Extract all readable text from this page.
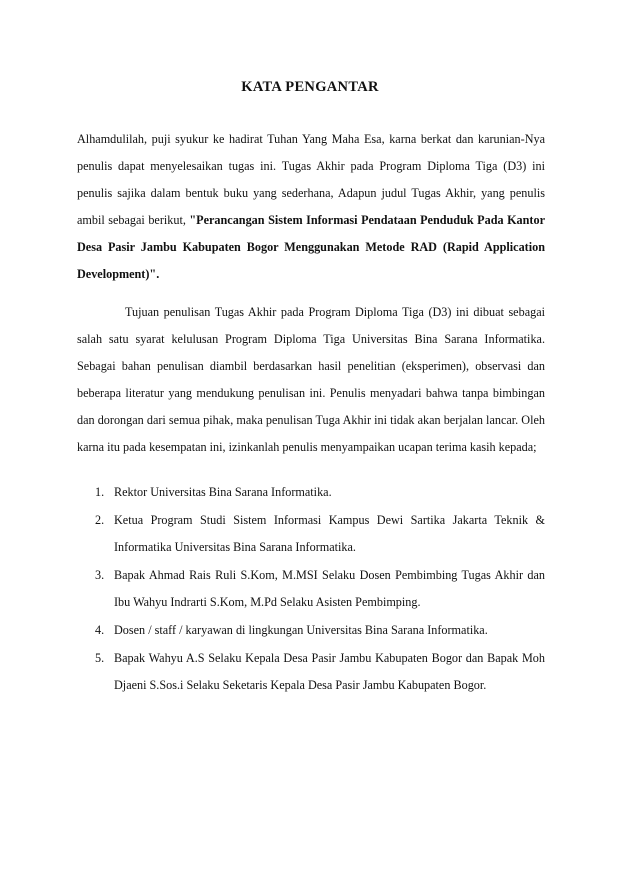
KATA PENGANTAR

Alhamdulilah, puji syukur ke hadirat Tuhan Yang Maha Esa, karna berkat dan karunian-Nya penulis dapat menyelesaikan tugas ini. Tugas Akhir pada Program Diploma Tiga (D3) ini penulis sajika dalam bentuk buku yang sederhana, Adapun judul Tugas Akhir, yang penulis ambil sebagai berikut, "Perancangan Sistem Informasi Pendataan Penduduk Pada Kantor Desa Pasir Jambu Kabupaten Bogor Menggunakan Metode RAD (Rapid Application Development)".

Tujuan penulisan Tugas Akhir pada Program Diploma Tiga (D3) ini dibuat sebagai salah satu syarat kelulusan Program Diploma Tiga Universitas Bina Sarana Informatika. Sebagai bahan penulisan diambil berdasarkan hasil penelitian (eksperimen), observasi dan beberapa literatur yang mendukung penulisan ini. Penulis menyadari bahwa tanpa bimbingan dan dorongan dari semua pihak, maka penulisan Tuga Akhir ini tidak akan berjalan lancar. Oleh karna itu pada kesempatan ini, izinkanlah penulis menyampaikan ucapan terima kasih kepada;

1. Rektor Universitas Bina Sarana Informatika.
2. Ketua Program Studi Sistem Informasi Kampus Dewi Sartika Jakarta Teknik & Informatika Universitas Bina Sarana Informatika.
3. Bapak Ahmad Rais Ruli S.Kom, M.MSI Selaku Dosen Pembimbing Tugas Akhir dan Ibu Wahyu Indrarti S.Kom, M.Pd Selaku Asisten Pembimping.
4. Dosen / staff / karyawan di lingkungan Universitas Bina Sarana Informatika.
5. Bapak Wahyu A.S Selaku Kepala Desa Pasir Jambu Kabupaten Bogor dan Bapak Moh Djaeni S.Sos.i Selaku Seketaris Kepala Desa Pasir Jambu Kabupaten Bogor.
